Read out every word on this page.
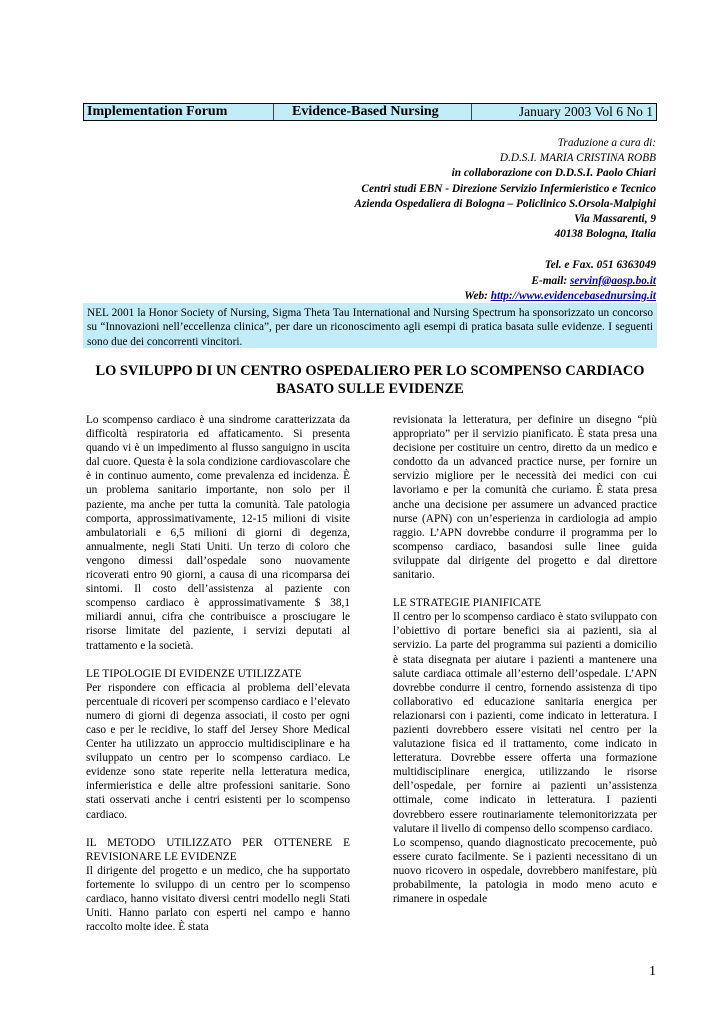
Implementation Forum	Evidence-Based Nursing	January 2003 Vol 6 No 1
Traduzione a cura di:
D.D.S.I. MARIA CRISTINA ROBB
in collaborazione con D.D.S.I. Paolo Chiari
Centri studi EBN - Direzione Servizio Infermieristico e Tecnico
Azienda Ospedaliera di Bologna – Policlinico S.Orsola-Malpighi
Via Massarenti, 9
40138 Bologna, Italia
Tel. e Fax. 051 6363049
E-mail: servinf@aosp.bo.it
Web: http://www.evidencebasednursing.it
NEL 2001 la Honor Society of Nursing, Sigma Theta Tau International and Nursing Spectrum ha sponsorizzato un concorso su “Innovazioni nell’eccellenza clinica”, per dare un riconoscimento agli esempi di pratica basata sulle evidenze. I seguenti sono due dei concorrenti vincitori.
LO SVILUPPO DI UN CENTRO OSPEDALIERO PER LO SCOMPENSO CARDIACO
BASATO SULLE EVIDENZE

Lo scompenso cardiaco è una sindrome caratterizzata da difficoltà respiratoria ed affaticamento. Si presenta quando vi è un impedimento al flusso sanguigno in uscita dal cuore. Questa è la sola condizione cardiovascolare che è in continuo aumento, come prevalenza ed incidenza. È un problema sanitario importante, non solo per il paziente, ma anche per tutta la comunità. Tale patologia comporta, approssimativamente, 12-15 milioni di visite ambulatoriali e 6,5 milioni di giorni di degenza, annualmente, negli Stati Uniti. Un terzo di coloro che vengono dimessi dall’ospedale sono nuovamente ricoverati entro 90 giorni, a causa di una ricomparsa dei sintomi. Il costo dell’assistenza al paziente con scompenso cardiaco è approssimativamente $ 38,1 miliardi annui, cifra che contribuisce a prosciugare le risorse limitate del paziente, i servizi deputati al trattamento e la società.

LE TIPOLOGIE DI EVIDENZE UTILIZZATE

Per rispondere con efficacia al problema dell’elevata percentuale di ricoveri per scompenso cardiaco e l’elevato numero di giorni di degenza associati, il costo per ogni caso e per le recidive, lo staff del Jersey Shore Medical Center ha utilizzato un approccio multidisciplinare e ha sviluppato un centro per lo scompenso cardiaco. Le evidenze sono state reperite nella letteratura medica, infermieristica e delle altre professioni sanitarie. Sono stati osservati anche i centri esistenti per lo scompenso cardiaco.

IL METODO UTILIZZATO PER OTTENERE E REVISIONARE LE EVIDENZE

Il dirigente del progetto e un medico, che ha supportato fortemente lo sviluppo di un centro per lo scompenso cardiaco, hanno visitato diversi centri modello negli Stati Uniti. Hanno parlato con esperti nel campo e hanno raccolto molte idee. È stata

revisionata la letteratura, per definire un disegno “più appropriato” per il servizio pianificato. È stata presa una decisione per costituire un centro, diretto da un medico e condotto da un advanced practice nurse, per fornire un servizio migliore per le necessità dei medici con cui lavoriamo e per la comunità che curiamo. È stata presa anche una decisione per assumere un advanced practice nurse (APN) con un’esperienza in cardiologia ad ampio raggio. L’APN dovrebbe condurre il programma per lo scompenso cardiaco, basandosi sulle linee guida sviluppate dal dirigente del progetto e dal direttore sanitario.

LE STRATEGIE PIANIFICATE

Il centro per lo scompenso cardiaco è stato sviluppato con l’obiettivo di portare benefici sia ai pazienti, sia al servizio. La parte del programma sui pazienti a domicilio è stata disegnata per aiutare i pazienti a mantenere una salute cardiaca ottimale all’esterno dell’ospedale. L’APN dovrebbe condurre il centro, fornendo assistenza di tipo collaborativo ed educazione sanitaria energica per relazionarsi con i pazienti, come indicato in letteratura. I pazienti dovrebbero essere visitati nel centro per la valutazione fisica ed il trattamento, come indicato in letteratura. Dovrebbe essere offerta una formazione multidisciplinare energica, utilizzando le risorse dell’ospedale, per fornire ai pazienti un’assistenza ottimale, come indicato in letteratura. I pazienti dovrebbero essere routinariamente telemonitorizzata per valutare il livello di compenso dello scompenso cardiaco.

Lo scompenso, quando diagnosticato precocemente, può essere curato facilmente. Se i pazienti necessitano di un nuovo ricovero in ospedale, dovrebbero manifestare, più probabilmente, la patologia in modo meno acuto e rimanere in ospedale

1
